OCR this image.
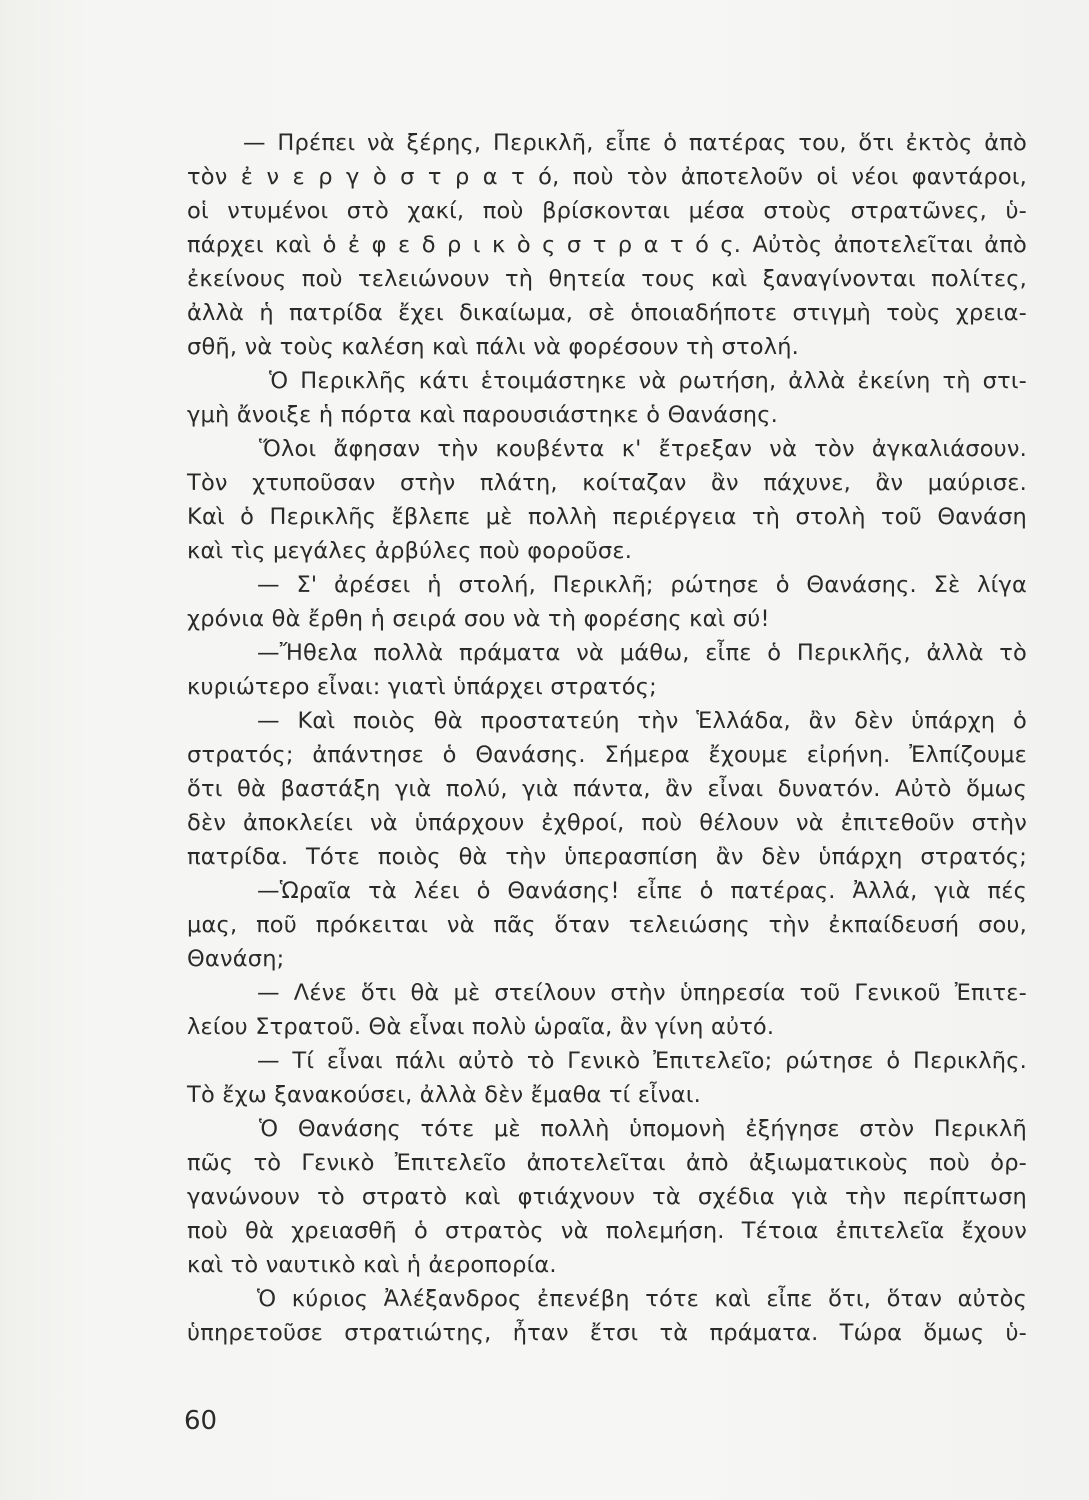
— Πρέπει νὰ ξέρης, Περικλῆ, εἶπε ὁ πατέρας του, ὅτι ἐκτὸς ἀπὸ
τὸν ἐ ν ε ρ γ ὸ σ τ ρ α τ ό, ποὺ τὸν ἀποτελοῦν οἱ νέοι φαντάροι,
οἱ ντυμένοι στὸ χακί, ποὺ βρίσκονται μέσα στοὺς στρατῶνες, ὑ-
πάρχει καὶ ὁ ἐ φ ε δ ρ ι κ ὸ ς σ τ ρ α τ ό ς. Αὐτὸς ἀποτελεῖται ἀπὸ
ἐκείνους ποὺ τελειώνουν τὴ θητεία τους καὶ ξαναγίνονται πολίτες,
ἀλλὰ ἡ πατρίδα ἔχει δικαίωμα, σὲ ὁποιαδήποτε στιγμὴ τοὺς χρεια-
σθῆ, νὰ τοὺς καλέση καὶ πάλι νὰ φορέσουν τὴ στολή.
Ὁ Περικλῆς κάτι ἑτοιμάστηκε νὰ ρωτήση, ἀλλὰ ἐκείνη τὴ στι-
γμὴ ἄνοιξε ἡ πόρτα καὶ παρουσιάστηκε ὁ Θανάσης.
Ὅλοι ἄφησαν τὴν κουβέντα κ' ἔτρεξαν νὰ τὸν ἀγκαλιάσουν.
Τὸν χτυποῦσαν στὴν πλάτη, κοίταζαν ἂν πάχυνε, ἂν μαύρισε.
Καὶ ὁ Περικλῆς ἔβλεπε μὲ πολλὴ περιέργεια τὴ στολὴ τοῦ Θανάση
καὶ τὶς μεγάλες ἀρβύλες ποὺ φοροῦσε.
— Σ' ἀρέσει ἡ στολή, Περικλῆ; ρώτησε ὁ Θανάσης. Σὲ λίγα
χρόνια θὰ ἔρθη ἡ σειρά σου νὰ τὴ φορέσης καὶ σύ!
—Ἤθελα πολλὰ πράματα νὰ μάθω, εἶπε ὁ Περικλῆς, ἀλλὰ τὸ
κυριώτερο εἶναι: γιατὶ ὑπάρχει στρατός;
— Καὶ ποιὸς θὰ προστατεύη τὴν Ἑλλάδα, ἂν δὲν ὑπάρχη ὁ
στρατός; ἀπάντησε ὁ Θανάσης. Σήμερα ἔχουμε εἰρήνη. Ἐλπίζουμε
ὅτι θὰ βαστάξη γιὰ πολύ, γιὰ πάντα, ἂν εἶναι δυνατόν. Αὐτὸ ὅμως
δὲν ἀποκλείει νὰ ὑπάρχουν ἐχθροί, ποὺ θέλουν νὰ ἐπιτεθοῦν στὴν
πατρίδα. Τότε ποιὸς θὰ τὴν ὑπερασπίση ἂν δὲν ὑπάρχη στρατός;
—Ὡραῖα τὰ λέει ὁ Θανάσης! εἶπε ὁ πατέρας. Ἀλλά, γιὰ πές
μας, ποῦ πρόκειται νὰ πᾶς ὅταν τελειώσης τὴν ἐκπαίδευσή σου,
Θανάση;
— Λένε ὅτι θὰ μὲ στείλουν στὴν ὑπηρεσία τοῦ Γενικοῦ Ἐπιτε-
λείου Στρατοῦ. Θὰ εἶναι πολὺ ὡραῖα, ἂν γίνη αὐτό.
— Τί εἶναι πάλι αὐτὸ τὸ Γενικὸ Ἐπιτελεῖο; ρώτησε ὁ Περικλῆς.
Τὸ ἔχω ξανακούσει, ἀλλὰ δὲν ἔμαθα τί εἶναι.
Ὁ Θανάσης τότε μὲ πολλὴ ὑπομονὴ ἐξήγησε στὸν Περικλῆ
πῶς τὸ Γενικὸ Ἐπιτελεῖο ἀποτελεῖται ἀπὸ ἀξιωματικοὺς ποὺ ὀρ-
γανώνουν τὸ στρατὸ καὶ φτιάχνουν τὰ σχέδια γιὰ τὴν περίπτωση
ποὺ θὰ χρειασθῆ ὁ στρατὸς νὰ πολεμήση. Τέτοια ἐπιτελεῖα ἔχουν
καὶ τὸ ναυτικὸ καὶ ἡ ἀεροπορία.
Ὁ κύριος Ἀλέξανδρος ἐπενέβη τότε καὶ εἶπε ὅτι, ὅταν αὐτὸς
ὑπηρετοῦσε στρατιώτης, ἦταν ἔτσι τὰ πράματα. Τώρα ὅμως ὑ-
60
